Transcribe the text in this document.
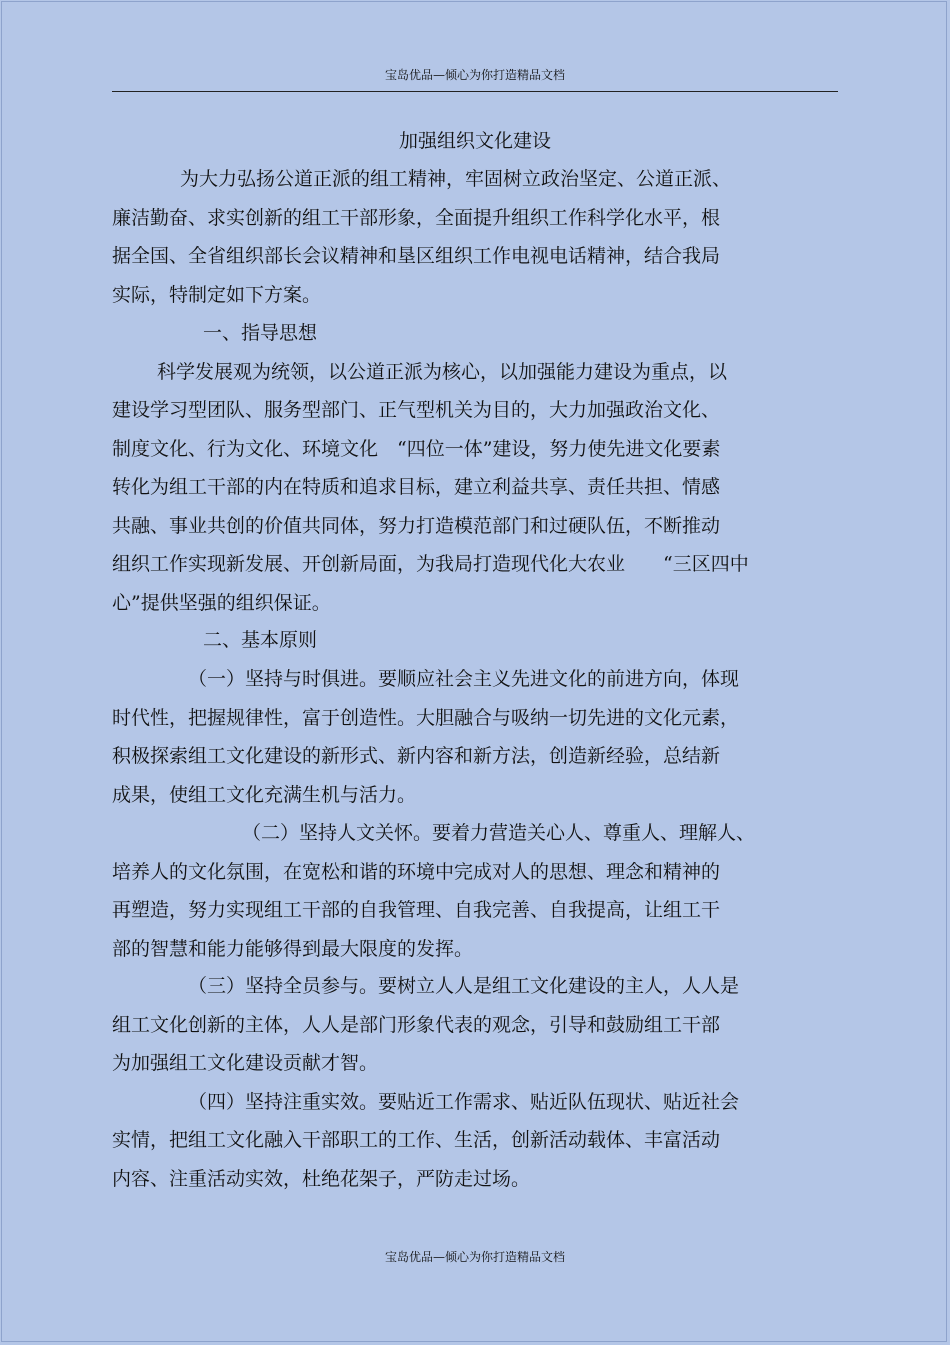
宝岛优品—倾心为你打造精品文档
加强组织文化建设
为大力弘扬公道正派的组工精神，牢固树立政治坚定、公道正派、
廉洁勤奋、求实创新的组工干部形象，全面提升组织工作科学化水平，根
据全国、全省组织部长会议精神和垦区组织工作电视电话精神，结合我局
实际，特制定如下方案。
一、指导思想
科学发展观为统领，以公道正派为核心，以加强能力建设为重点，以
建设学习型团队、服务型部门、正气型机关为目的，大力加强政治文化、
制度文化、行为文化、环境文化　“四位一体”建设，努力使先进文化要素
转化为组工干部的内在特质和追求目标，建立利益共享、责任共担、情感
共融、事业共创的价值共同体，努力打造模范部门和过硬队伍，不断推动
组织工作实现新发展、开创新局面，为我局打造现代化大农业　　“三区四中
心”提供坚强的组织保证。
二、基本原则
（一）坚持与时俱进。要顺应社会主义先进文化的前进方向，体现
时代性，把握规律性，富于创造性。大胆融合与吸纳一切先进的文化元素，
积极探索组工文化建设的新形式、新内容和新方法，创造新经验，总结新
成果，使组工文化充满生机与活力。
（二）坚持人文关怀。要着力营造关心人、尊重人、理解人、
培养人的文化氛围，在宽松和谐的环境中完成对人的思想、理念和精神的
再塑造，努力实现组工干部的自我管理、自我完善、自我提高，让组工干
部的智慧和能力能够得到最大限度的发挥。
（三）坚持全员参与。要树立人人是组工文化建设的主人，人人是
组工文化创新的主体，人人是部门形象代表的观念，引导和鼓励组工干部
为加强组工文化建设贡献才智。
（四）坚持注重实效。要贴近工作需求、贴近队伍现状、贴近社会
实情，把组工文化融入干部职工的工作、生活，创新活动载体、丰富活动
内容、注重活动实效，杜绝花架子，严防走过场。
宝岛优品—倾心为你打造精品文档
